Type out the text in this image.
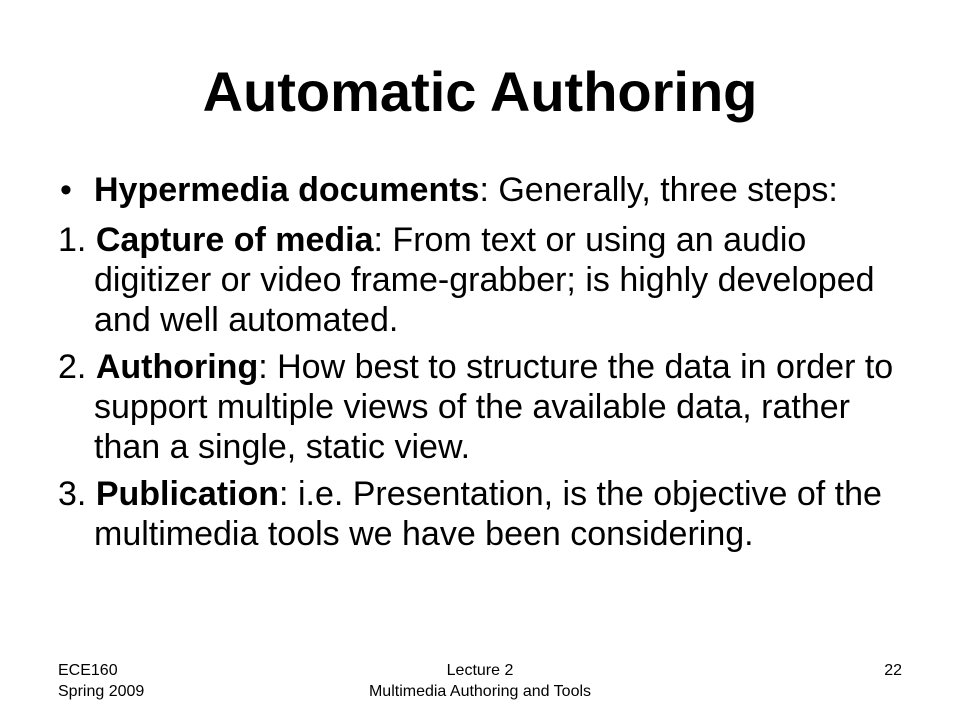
Automatic Authoring

• Hypermedia documents: Generally, three steps:

1. Capture of media: From text or using an audio digitizer or video frame-grabber; is highly developed and well automated.

2. Authoring: How best to structure the data in order to support multiple views of the available data, rather than a single, static view.

3. Publication: i.e. Presentation, is the objective of the multimedia tools we have been considering.

ECE160
Spring 2009
Lecture 2
Multimedia Authoring and Tools
22
